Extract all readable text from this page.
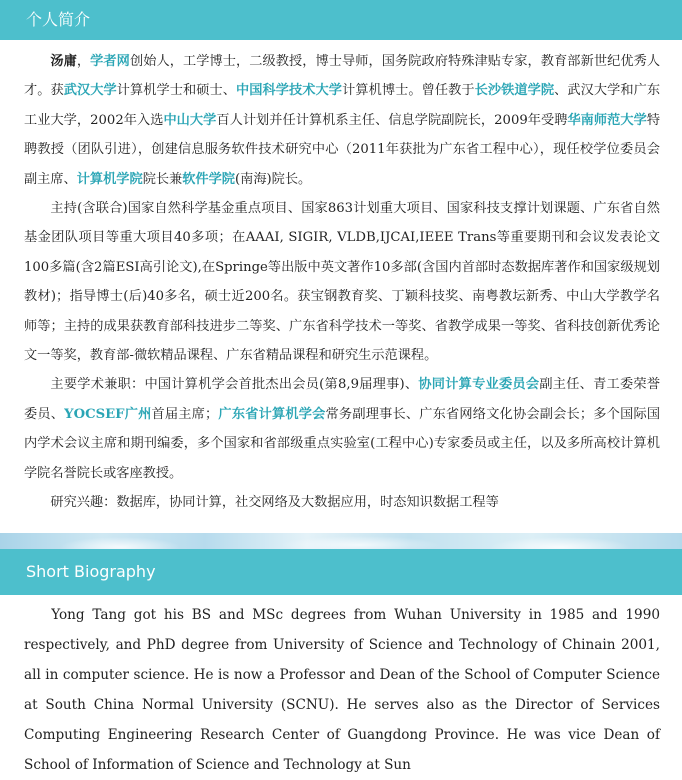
个人简介

汤庸，学者网创始人，工学博士，二级教授，博士导师，国务院政府特殊津贴专家，教育部新世纪优秀人才。获武汉大学计算机学士和硕士、中国科学技术大学计算机博士。曾任教于长沙铁道学院、武汉大学和广东工业大学，2002年入选中山大学百人计划并任计算机系主任、信息学院副院长，2009年受聘华南师范大学特聘教授（团队引进），创建信息服务软件技术研究中心（2011年获批为广东省工程中心），现任校学位委员会副主席、计算机学院院长兼软件学院(南海)院长。

主持(含联合)国家自然科学基金重点项目、国家863计划重大项目、国家科技支撑计划课题、广东省自然基金团队项目等重大项目40多项；在AAAI, SIGIR, VLDB,IJCAI,IEEE Trans等重要期刊和会议发表论文100多篇(含2篇ESI高引论文),在Springe等出版中英文著作10多部(含国内首部时态数据库著作和国家级规划教材)；指导博士(后)40多名，硕士近200名。获宝钢教育奖、丁颖科技奖、南粤教坛新秀、中山大学教学名师等；主持的成果获教育部科技进步二等奖、广东省科学技术一等奖、省教学成果一等奖、省科技创新优秀论文一等奖，教育部-微软精品课程、广东省精品课程和研究生示范课程。

主要学术兼职：中国计算机学会首批杰出会员(第8,9届理事)、协同计算专业委员会副主任、青工委荣誉委员、YOCSEF广州首届主席；广东省计算机学会常务副理事长、广东省网络文化协会副会长；多个国际国内学术会议主席和期刊编委，多个国家和省部级重点实验室(工程中心)专家委员或主任，以及多所高校计算机学院名誉院长或客座教授。

研究兴趣：数据库，协同计算，社交网络及大数据应用，时态知识数据工程等

Short Biography

Yong Tang got his BS and MSc degrees from Wuhan University in 1985 and 1990 respectively, and PhD degree from University of Science and Technology of Chinain 2001, all in computer science. He is now a Professor and Dean of the School of Computer Science at South China Normal University (SCNU). He serves also as the Director of Services Computing Engineering Research Center of Guangdong Province. He was vice Dean of School of Information of Science and Technology at Sun
